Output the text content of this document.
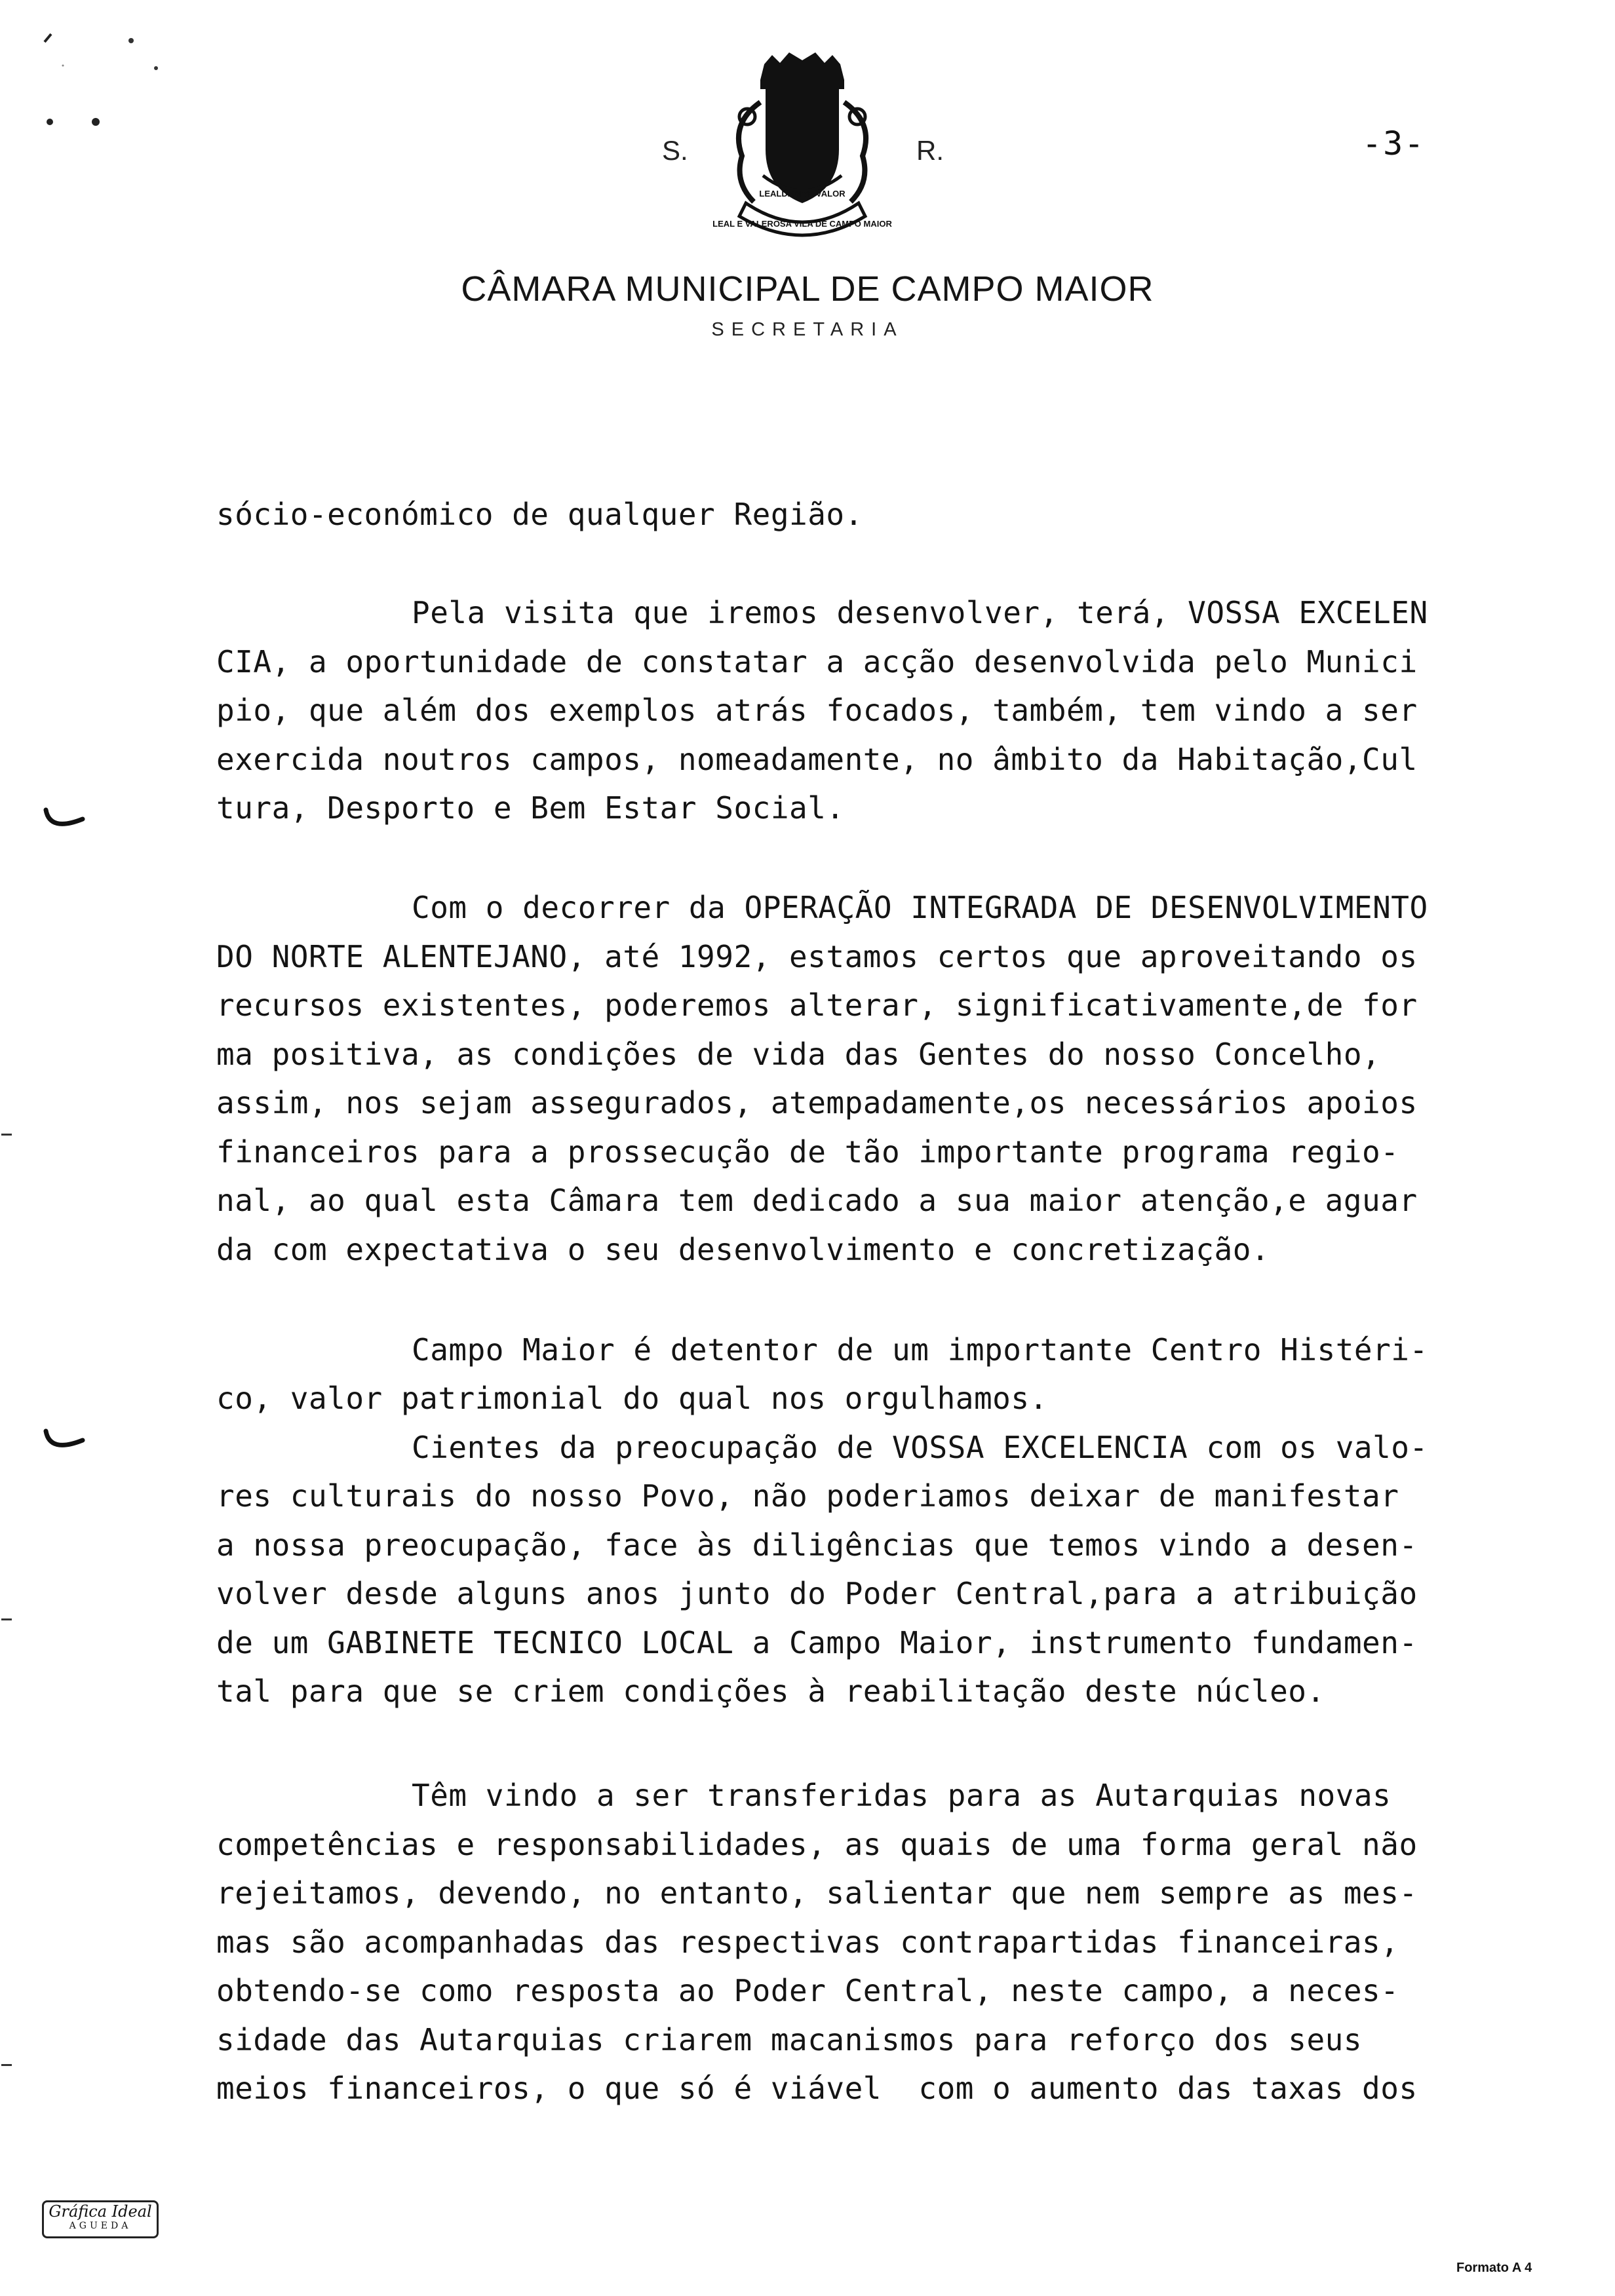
LEAL E VALEROSA VILA DE CAMPO MAIOR
LEALDADE E VALOR
S.	R.	-3-
CÂMARA MUNICIPAL DE CAMPO MAIOR
SECRETARIA
sócio-económico de qualquer Região.
Pela visita que iremos desenvolver, terá, VOSSA EXCELEN
CIA, a oportunidade de constatar a acção desenvolvida pelo Munici
pio, que além dos exemplos atrás focados, também, tem vindo a ser
exercida noutros campos, nomeadamente, no âmbito da Habitação,Cul
tura, Desporto e Bem Estar Social.
Com o decorrer da OPERAÇÃO INTEGRADA DE DESENVOLVIMENTO
DO NORTE ALENTEJANO, até 1992, estamos certos que aproveitando os
recursos existentes, poderemos alterar, significativamente,de for
ma positiva, as condições de vida das Gentes do nosso Concelho,
assim, nos sejam assegurados, atempadamente,os necessários apoios
financeiros para a prossecução de tão importante programa regio-
nal, ao qual esta Câmara tem dedicado a sua maior atenção,e aguar
da com expectativa o seu desenvolvimento e concretização.
Campo Maior é detentor de um importante Centro Histéri-
co, valor patrimonial do qual nos orgulhamos.
Cientes da preocupação de VOSSA EXCELENCIA com os valo-
res culturais do nosso Povo, não poderiamos deixar de manifestar
a nossa preocupação, face às diligências que temos vindo a desen-
volver desde alguns anos junto do Poder Central,para a atribuição
de um GABINETE TECNICO LOCAL a Campo Maior, instrumento fundamen-
tal para que se criem condições à reabilitação deste núcleo.
Têm vindo a ser transferidas para as Autarquias novas
competências e responsabilidades, as quais de uma forma geral não
rejeitamos, devendo, no entanto, salientar que nem sempre as mes-
mas são acompanhadas das respectivas contrapartidas financeiras,
obtendo-se como resposta ao Poder Central, neste campo, a neces-
sidade das Autarquias criarem macanismos para reforço dos seus
meios financeiros, o que só é viável  com o aumento das taxas dos
Gráfica Ideal
AGUEDA
Formato A 4
